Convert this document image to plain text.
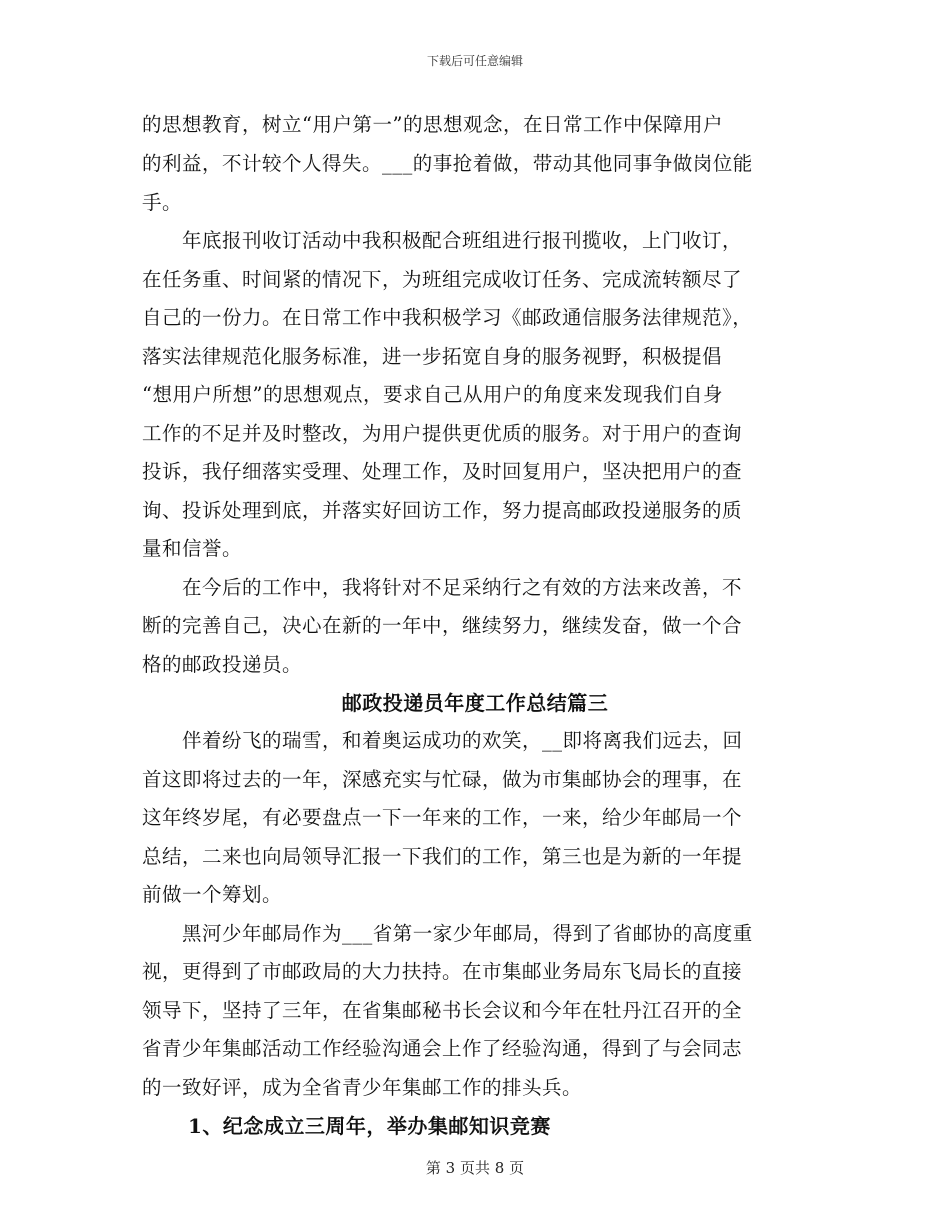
下载后可任意编辑
的思想教育，树立“用户第一”的思想观念，在日常工作中保障用户
的利益，不计较个人得失。___的事抢着做，带动其他同事争做岗位能
手。
　　年底报刊收订活动中我积极配合班组进行报刊揽收，上门收订，
在任务重、时间紧的情况下，为班组完成收订任务、完成流转额尽了
自己的一份力。在日常工作中我积极学习《邮政通信服务法律规范》，
落实法律规范化服务标准，进一步拓宽自身的服务视野，积极提倡
“想用户所想”的思想观点，要求自己从用户的角度来发现我们自身
工作的不足并及时整改，为用户提供更优质的服务。对于用户的查询
投诉，我仔细落实受理、处理工作，及时回复用户，坚决把用户的查
询、投诉处理到底，并落实好回访工作，努力提高邮政投递服务的质
量和信誉。
　　在今后的工作中，我将针对不足采纳行之有效的方法来改善，不
断的完善自己，决心在新的一年中，继续努力，继续发奋，做一个合
格的邮政投递员。
邮政投递员年度工作总结篇三
　　伴着纷飞的瑞雪，和着奥运成功的欢笑，__即将离我们远去，回
首这即将过去的一年，深感充实与忙碌，做为市集邮协会的理事，在
这年终岁尾，有必要盘点一下一年来的工作，一来，给少年邮局一个
总结，二来也向局领导汇报一下我们的工作，第三也是为新的一年提
前做一个筹划。
　　黑河少年邮局作为___省第一家少年邮局，得到了省邮协的高度重
视，更得到了市邮政局的大力扶持。在市集邮业务局东飞局长的直接
领导下，坚持了三年，在省集邮秘书长会议和今年在牡丹江召开的全
省青少年集邮活动工作经验沟通会上作了经验沟通，得到了与会同志
的一致好评，成为全省青少年集邮工作的排头兵。
1、纪念成立三周年，举办集邮知识竞赛
第 3 页共 8 页
